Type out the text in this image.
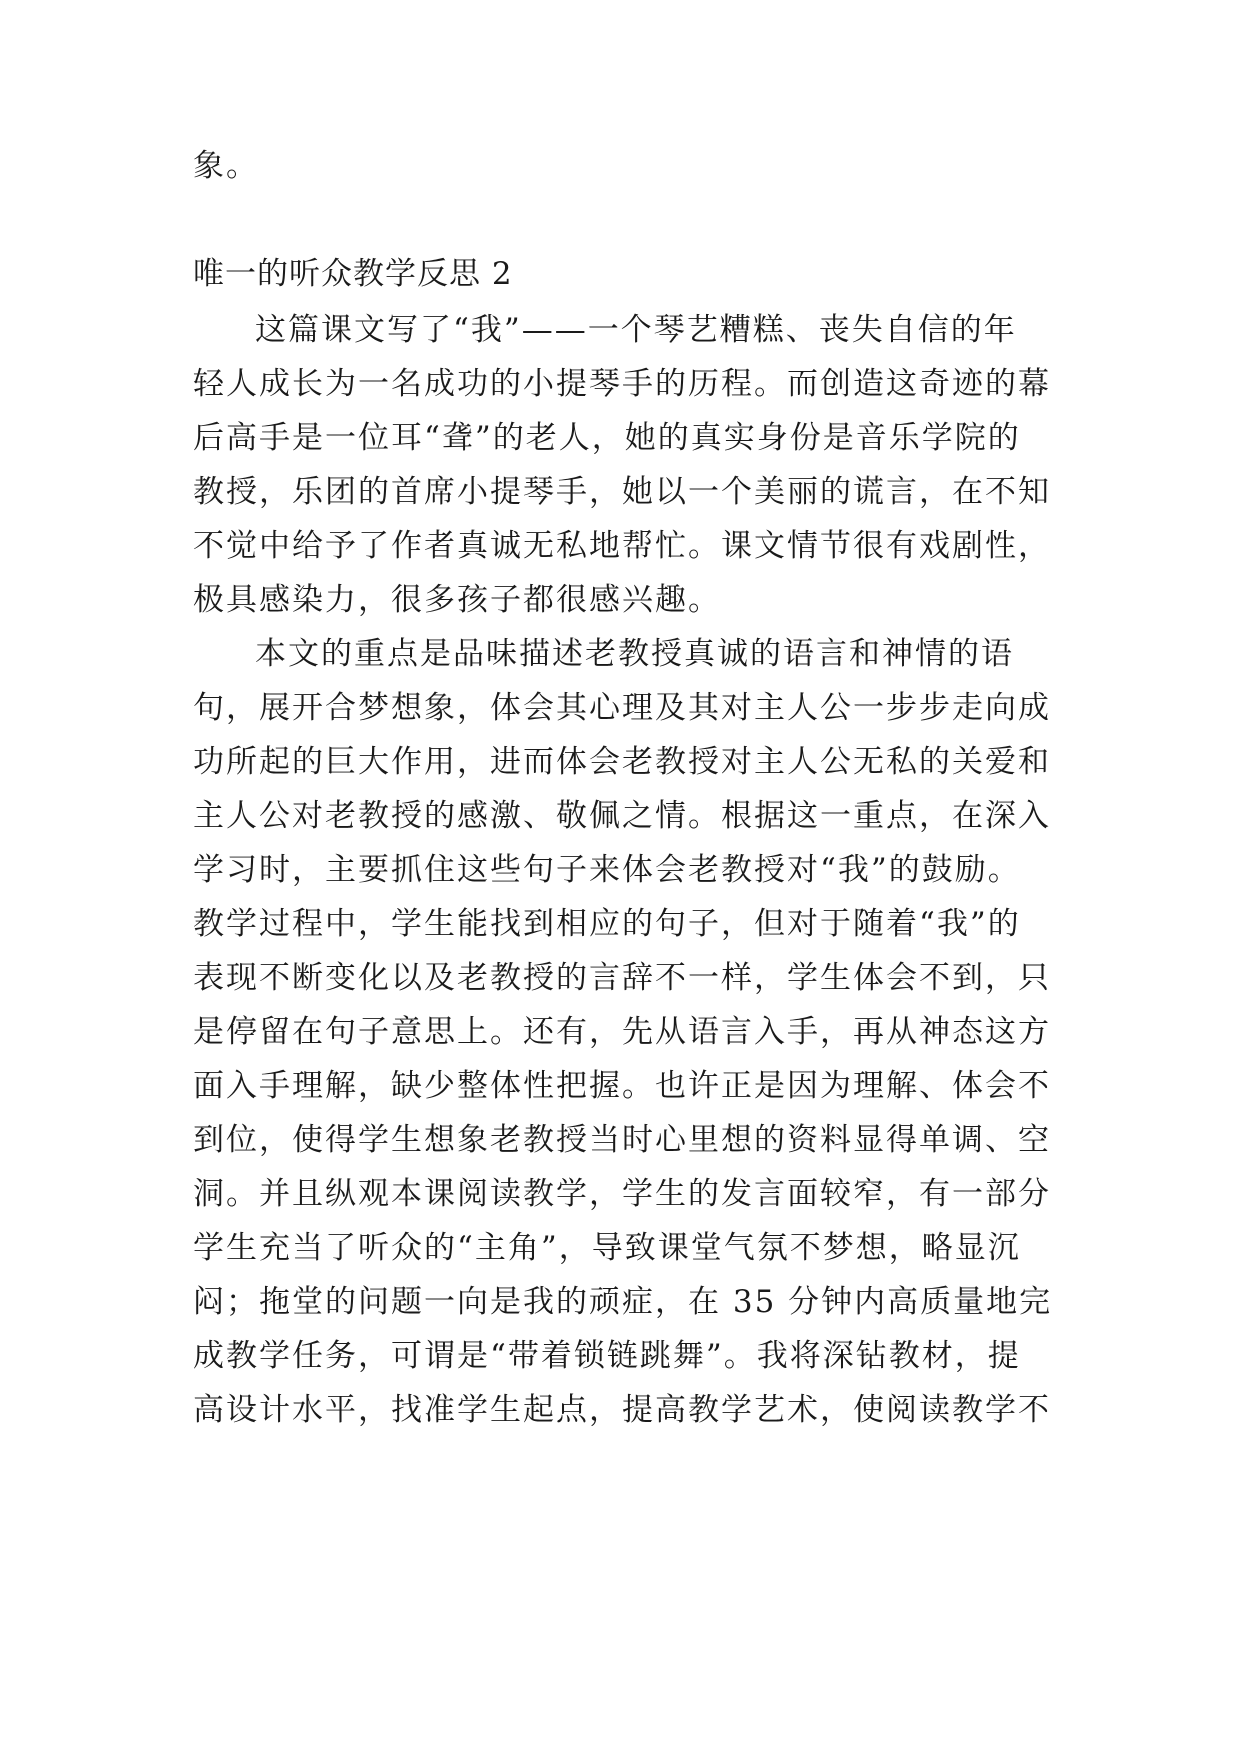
象。
唯一的听众教学反思 2
这篇课文写了“我”——一个琴艺糟糕、丧失自信的年
轻人成长为一名成功的小提琴手的历程。而创造这奇迹的幕
后高手是一位耳“聋”的老人，她的真实身份是音乐学院的
教授，乐团的首席小提琴手，她以一个美丽的谎言，在不知
不觉中给予了作者真诚无私地帮忙。课文情节很有戏剧性，
极具感染力，很多孩子都很感兴趣。
本文的重点是品味描述老教授真诚的语言和神情的语
句，展开合梦想象，体会其心理及其对主人公一步步走向成
功所起的巨大作用，进而体会老教授对主人公无私的关爱和
主人公对老教授的感激、敬佩之情。根据这一重点，在深入
学习时，主要抓住这些句子来体会老教授对“我”的鼓励。
教学过程中，学生能找到相应的句子，但对于随着“我”的
表现不断变化以及老教授的言辞不一样，学生体会不到，只
是停留在句子意思上。还有，先从语言入手，再从神态这方
面入手理解，缺少整体性把握。也许正是因为理解、体会不
到位，使得学生想象老教授当时心里想的资料显得单调、空
洞。并且纵观本课阅读教学，学生的发言面较窄，有一部分
学生充当了听众的“主角”，导致课堂气氛不梦想，略显沉
闷；拖堂的问题一向是我的顽症，在 35 分钟内高质量地完
成教学任务，可谓是“带着锁链跳舞”。我将深钻教材，提
高设计水平，找准学生起点，提高教学艺术，使阅读教学不
